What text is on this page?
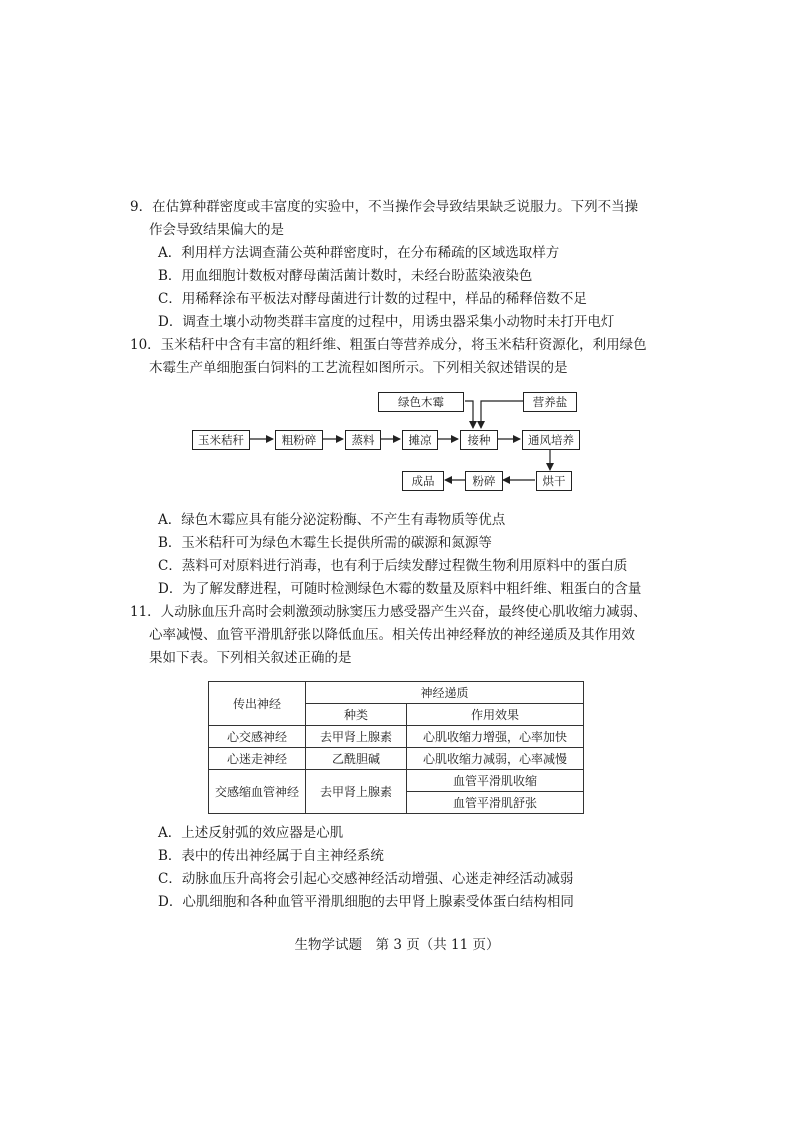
9．在估算种群密度或丰富度的实验中，不当操作会导致结果缺乏说服力。下列不当操
作会导致结果偏大的是
A．利用样方法调查蒲公英种群密度时，在分布稀疏的区域选取样方
B．用血细胞计数板对酵母菌活菌计数时，未经台盼蓝染液染色
C．用稀释涂布平板法对酵母菌进行计数的过程中，样品的稀释倍数不足
D．调查土壤小动物类群丰富度的过程中，用诱虫器采集小动物时未打开电灯
10．玉米秸秆中含有丰富的粗纤维、粗蛋白等营养成分，将玉米秸秆资源化，利用绿色
木霉生产单细胞蛋白饲料的工艺流程如图所示。下列相关叙述错误的是
绿色木霉	营养盐
玉米秸秆	粗粉碎	蒸料	摊凉	接种	通风培养
烘干
粉碎
成品
A．绿色木霉应具有能分泌淀粉酶、不产生有毒物质等优点
B．玉米秸秆可为绿色木霉生长提供所需的碳源和氮源等
C．蒸料可对原料进行消毒，也有利于后续发酵过程微生物利用原料中的蛋白质
D．为了解发酵进程，可随时检测绿色木霉的数量及原料中粗纤维、粗蛋白的含量
11．人动脉血压升高时会刺激颈动脉窦压力感受器产生兴奋，最终使心肌收缩力减弱、
心率减慢、血管平滑肌舒张以降低血压。相关传出神经释放的神经递质及其作用效
果如下表。下列相关叙述正确的是
传出神经	神经递质	
	种类	作用效果
心交感神经	去甲肾上腺素	心肌收缩力增强，心率加快
心迷走神经	乙酰胆碱	心肌收缩力减弱，心率减慢
交感缩血管神经	去甲肾上腺素	血管平滑肌收缩
		血管平滑肌舒张
A．上述反射弧的效应器是心肌
B．表中的传出神经属于自主神经系统
C．动脉血压升高将会引起心交感神经活动增强、心迷走神经活动减弱
D．心肌细胞和各种血管平滑肌细胞的去甲肾上腺素受体蛋白结构相同
生物学试题　第 3 页（共 11 页）
